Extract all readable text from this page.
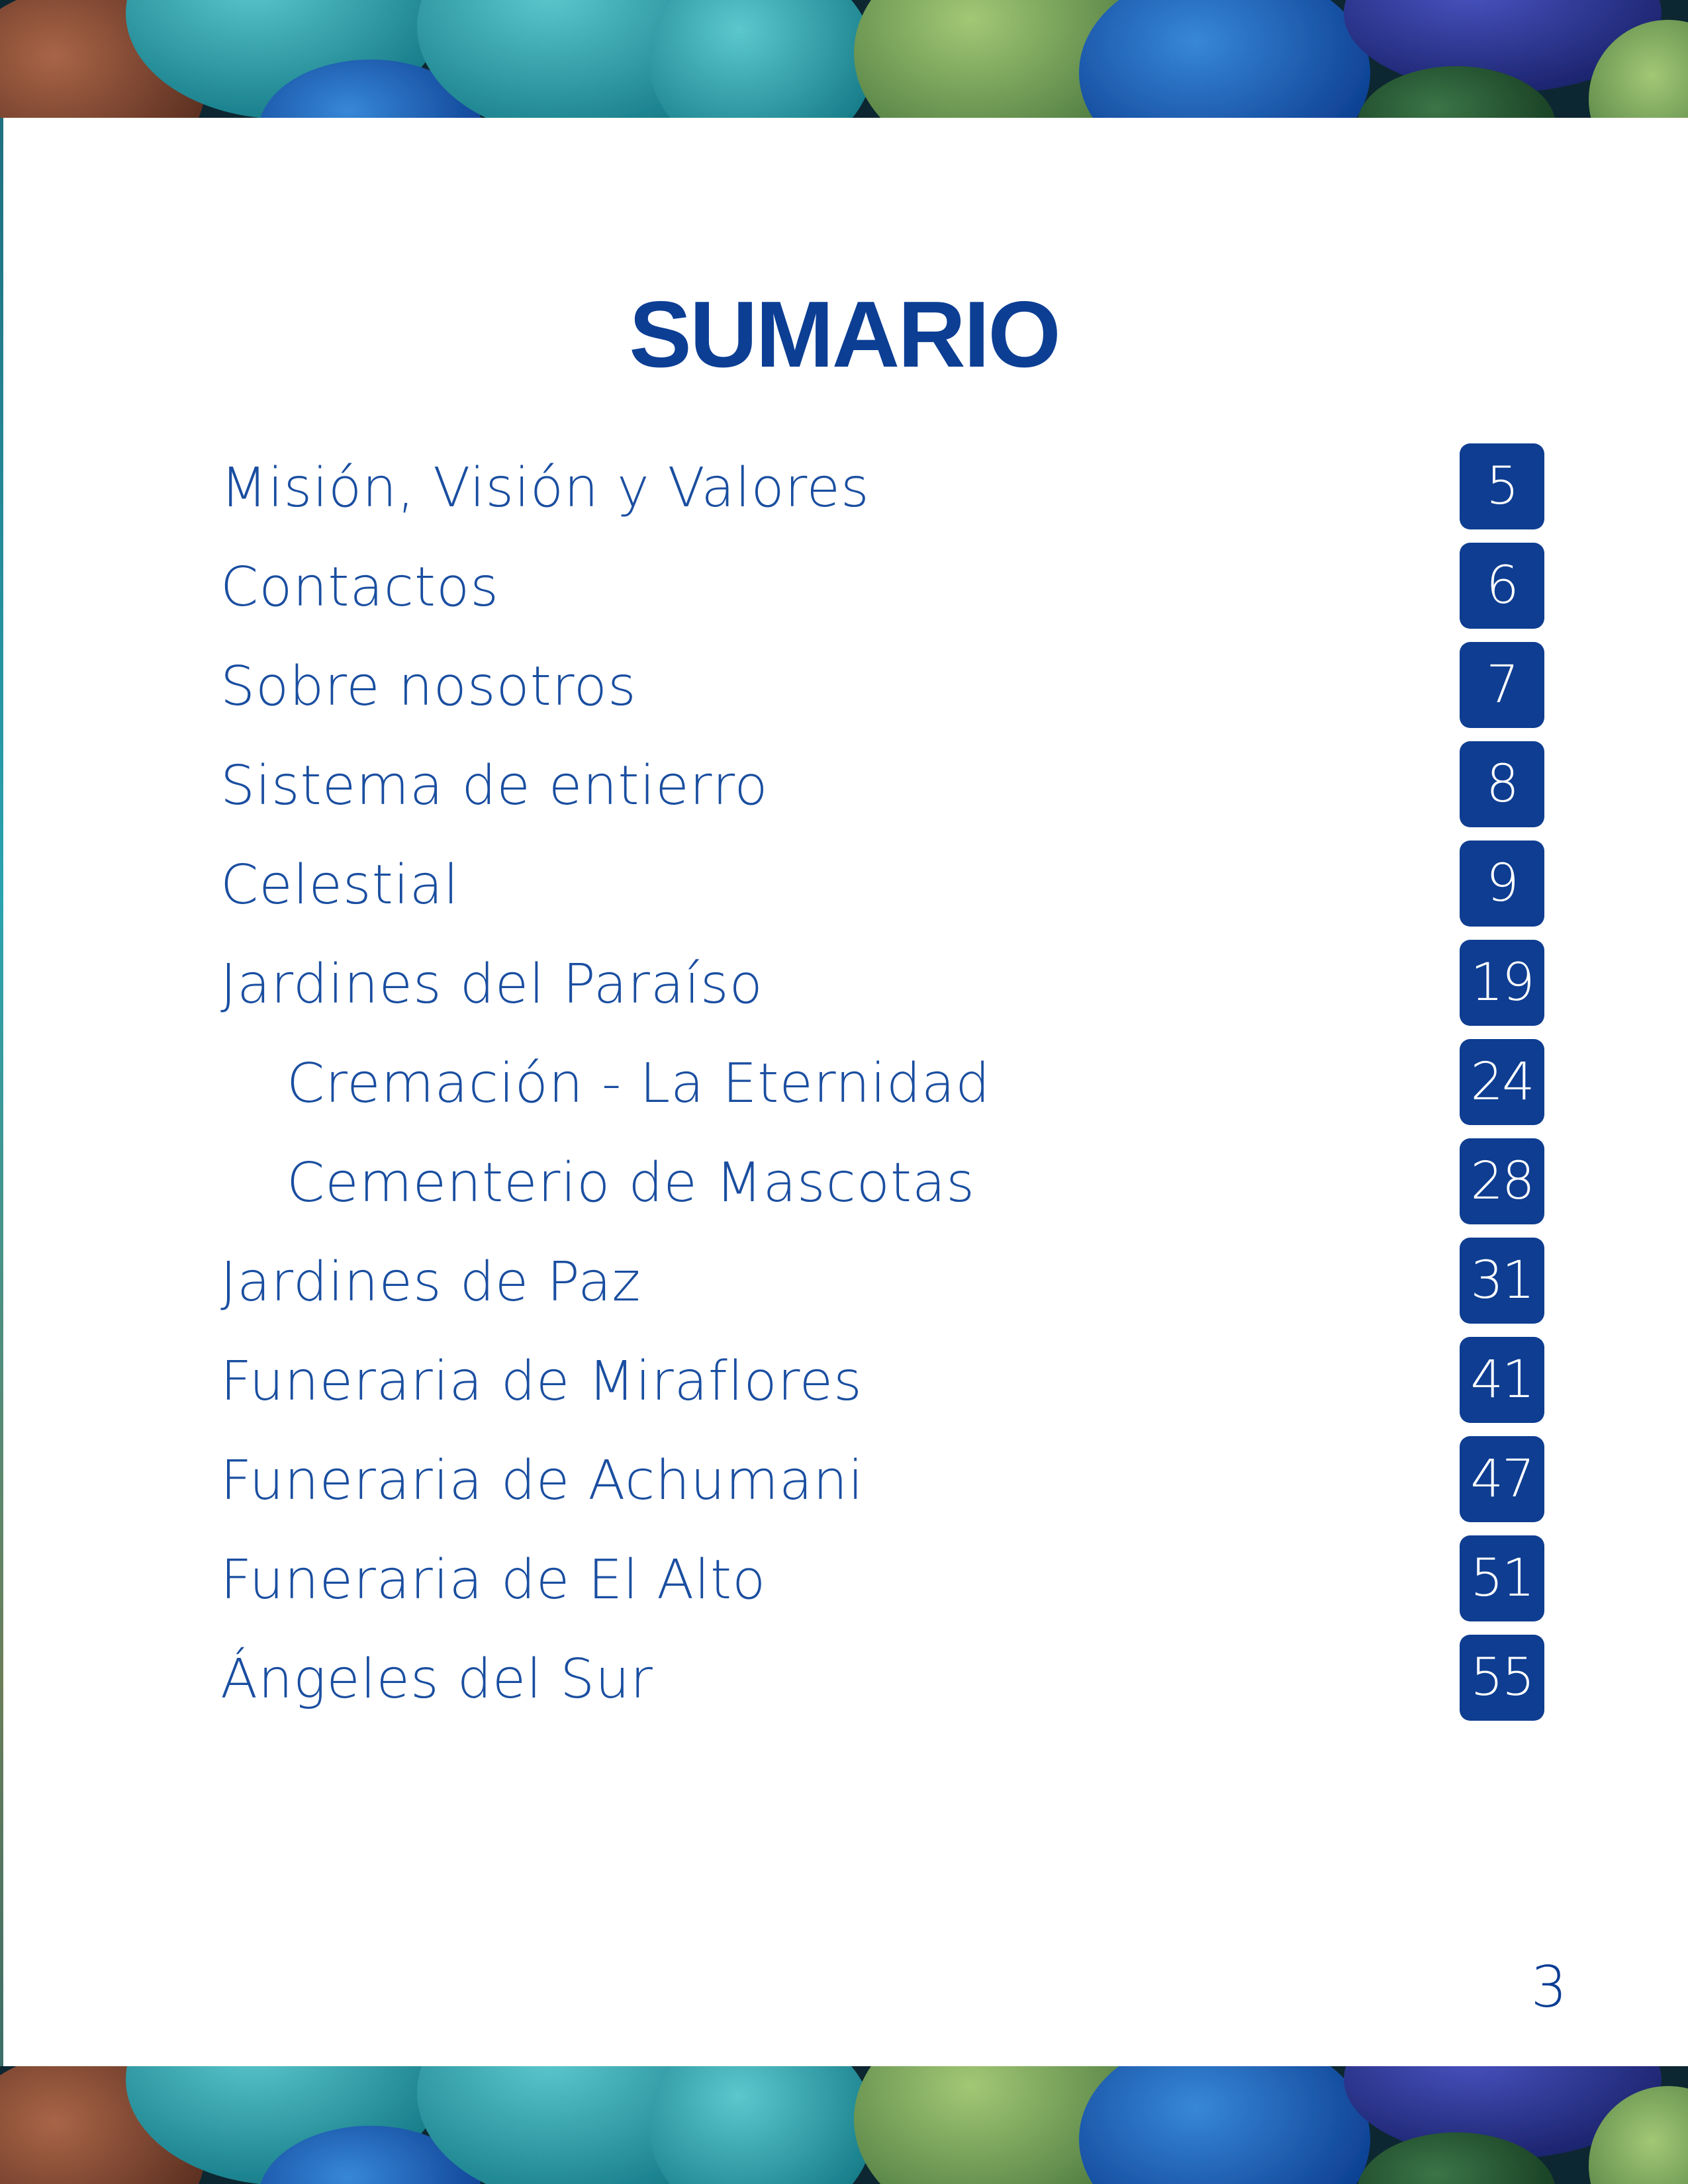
SUMARIO
Misión, Visión y Valores	5
Contactos	6
Sobre nosotros	7
Sistema de entierro	8
Celestial	9
Jardines del Paraíso	19
Cremación - La Eternidad	24
Cementerio de Mascotas	28
Jardines de Paz	31
Funeraria de Miraflores	41
Funeraria de Achumani	47
Funeraria de El Alto	51
Ángeles del Sur	55
3
